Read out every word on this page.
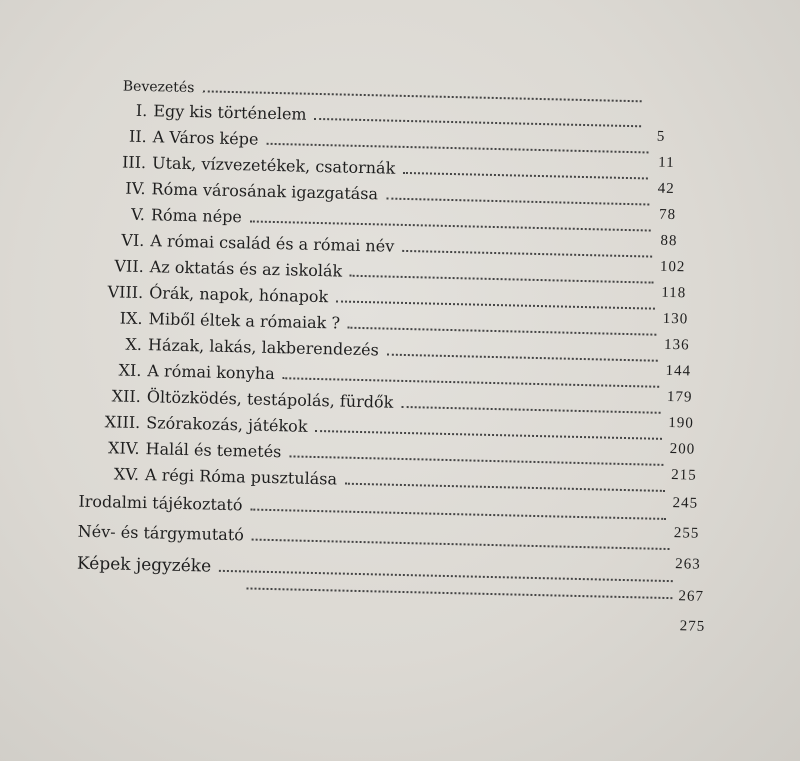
Bevezetés
I. Egy kis történelem
II. A Város képe
III. Utak, vízvezetékek, csatornák
IV. Róma városának igazgatása
V. Róma népe
VI. A római család és a római név
VII. Az oktatás és az iskolák
VIII. Órák, napok, hónapok
IX. Miből éltek a rómaiak ?
X. Házak, lakás, lakberendezés
XI. A római konyha
XII. Öltözködés, testápolás, fürdők
XIII. Szórakozás, játékok
XIV. Halál és temetés
XV. A régi Róma pusztulása
Irodalmi tájékoztató
Név- és tárgymutató
Képek jegyzéke
5
11
42
78
88
102
118
130
136
144
179
190
200
215
245
255
263
267
275
